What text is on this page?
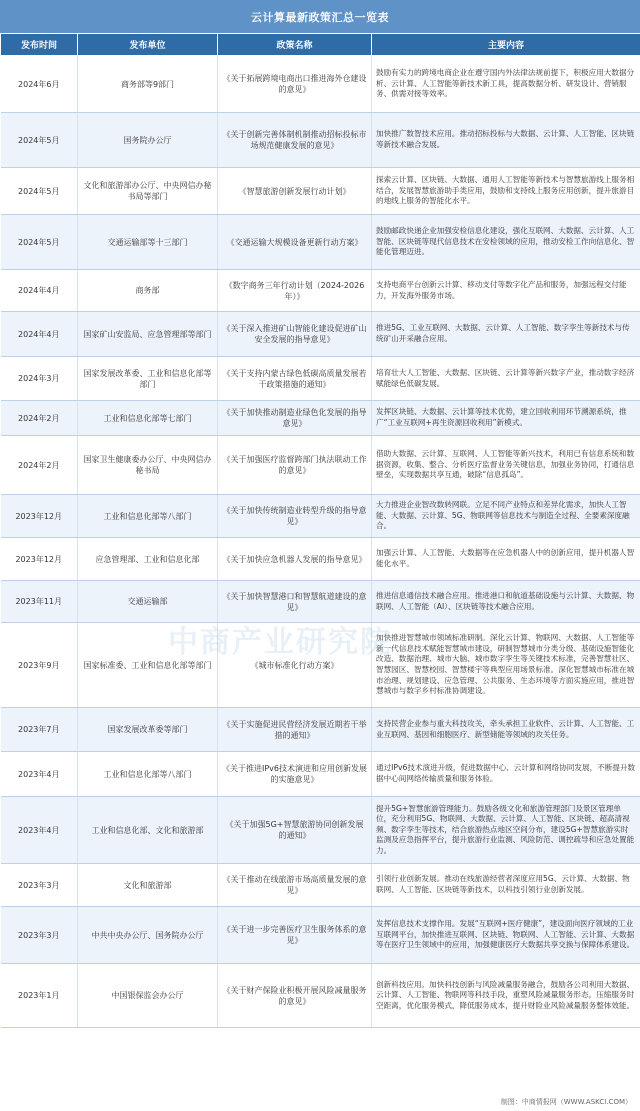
云计算最新政策汇总一览表
发布时间	发布单位	政策名称	主要内容
2024年6月	商务部等9部门	《关于拓展跨境电商出口推进海外仓建设的意见》	鼓励有实力的跨境电商企业在遵守国内外法律法规前提下，积极应用大数据分析、云计算、人工智能等新技术新工具，提高数据分析、研发设计、营销服务、供需对接等效率。
2024年5月	国务院办公厅	《关于创新完善体制机制推动招标投标市场规范健康发展的意见》	加快推广数智技术应用。推动招标投标与大数据、云计算、人工智能、区块链等新技术融合发展。
2024年5月	文化和旅游部办公厅、中央网信办秘书局等部门	《智慧旅游创新发展行动计划》	探索云计算、区块链、大数据、通用人工智能等新技术与智慧旅游线上服务相结合，发展智慧旅游助手类应用，鼓励和支持线上服务应用创新，提升旅游目的地线上服务的智能化水平。
2024年5月	交通运输部等十三部门	《交通运输大规模设备更新行动方案》	鼓励邮政快递企业加强安检信息化建设，强化互联网、大数据、云计算、人工智能、区块链等现代信息技术在安检领域的应用，推动安检工作向信息化、智能化管理迈进。
2024年4月	商务部	《数字商务三年行动计划（2024-2026年）》	支持电商平台创新云计算、移动支付等数字化产品和服务，加强远程交付能力，开发海外服务市场。
2024年4月	国家矿山安监局、应急管理部等部门	《关于深入推进矿山智能化建设促进矿山安全发展的指导意见》	推进5G、工业互联网、大数据、云计算、人工智能、数字孪生等新技术与传统矿山开采融合应用。
2024年3月	国家发展改革委、工业和信息化部等部门	《关于支持内蒙古绿色低碳高质量发展若干政策措施的通知》	培育壮大人工智能、大数据、区块链、云计算等新兴数字产业，推动数字经济赋能绿色低碳发展。
2024年2月	工业和信息化部等七部门	《关于加快推动制造业绿色化发展的指导意见》	发挥区块链、大数据、云计算等技术优势，建立回收利用环节溯源系统，推广“工业互联网+再生资源回收利用”新模式。
2024年2月	国家卫生健康委办公厅、中央网信办秘书局	《关于加强医疗监督跨部门执法联动工作的意见》	借助大数据、云计算、互联网、人工智能等新兴技术，利用已有信息系统和数据资源，收集、整合、分析医疗监督业务关键信息，加强业务协同，打通信息壁垒，实现数据共享互通，破除“信息孤岛”。
2023年12月	工业和信息化部等八部门	《关于加快传统制造业转型升级的指导意见》	大力推进企业智改数转网联。立足不同产业特点和差异化需求，加快人工智能、大数据、云计算、5G、物联网等信息技术与制造全过程、全要素深度融合。
2023年12月	应急管理部、工业和信息化部	《关于加快应急机器人发展的指导意见》	加强云计算、人工智能、大数据等在应急机器人中的创新应用，提升机器人智能化水平。
2023年11月	交通运输部	《关于加快智慧港口和智慧航道建设的意见》	推进信息通信技术融合应用。推进港口和航道基础设施与云计算、大数据、物联网、人工智能（AI）、区块链等技术融合应用。
2023年9月	国家标准委、工业和信息化部等部门	《城市标准化行动方案》	加快推进智慧城市领域标准研制。深化云计算、物联网、大数据、人工智能等新一代信息技术赋能智慧城市建设，研制智慧城市分类分级、基础设施智能化改造、数据治理、城市大脑、城市数字孪生等关键技术标准，完善智慧社区、智慧园区、智慧校园、智慧楼宇等典型应用场景标准。深化智慧城市标准在城市治理、规划建设、应急管理、公共服务、生态环境等方面实施应用，推进智慧城市与数字乡村标准协调建设。
2023年7月	国家发展改革委等部门	《关于实施促进民营经济发展近期若干举措的通知》	支持民营企业参与重大科技攻关，牵头承担工业软件、云计算、人工智能、工业互联网、基因和细胞医疗、新型储能等领域的攻关任务。
2023年4月	工业和信息化部等八部门	《关于推进IPv6技术演进和应用创新发展的实施意见》	通过IPv6技术演进升级，促进数据中心、云计算和网络协同发展，不断提升数据中心间网络传输质量和服务体验。
2023年4月	工业和信息化部、文化和旅游部	《关于加强5G+智慧旅游协同创新发展的通知》	提升5G+智慧旅游管理能力。鼓励各级文化和旅游管理部门及景区管理单位，充分利用5G、物联网、大数据、云计算、人工智能、区块链、超高清视频、数字孪生等技术，结合旅游热点地区空间分布，建设5G+智慧旅游实时监测及应急指挥平台，提升旅游行业监测、风险防范、调控疏导和应急处置能力。
2023年3月	文化和旅游部	《关于推动在线旅游市场高质量发展的意见》	引领行业创新发展。推动在线旅游经营者深度应用5G、云计算、大数据、物联网、人工智能、区块链等新技术，以科技引领行业创新发展。
2023年3月	中共中央办公厅、国务院办公厅	《关于进一步完善医疗卫生服务体系的意见》	发挥信息技术支撑作用。发展“互联网+医疗健康”，建设面向医疗领域的工业互联网平台，加快推进互联网、区块链、物联网、人工智能、云计算、大数据等在医疗卫生领域中的应用，加强健康医疗大数据共享交换与保障体系建设。
2023年1月	中国银保监会办公厅	《关于财产保险业积极开展风险减量服务的意见》	创新科技应用。加快科技创新与风险减量服务融合，鼓励各公司利用大数据、云计算、人工智能、物联网等科技手段，重塑风险减量服务形态，压缩服务时空距离，优化服务模式，降低服务成本，提升财险业风险减量服务整体效能。
中商产业研究院
制图：中商情报网（WWW.ASKCI.COM）
